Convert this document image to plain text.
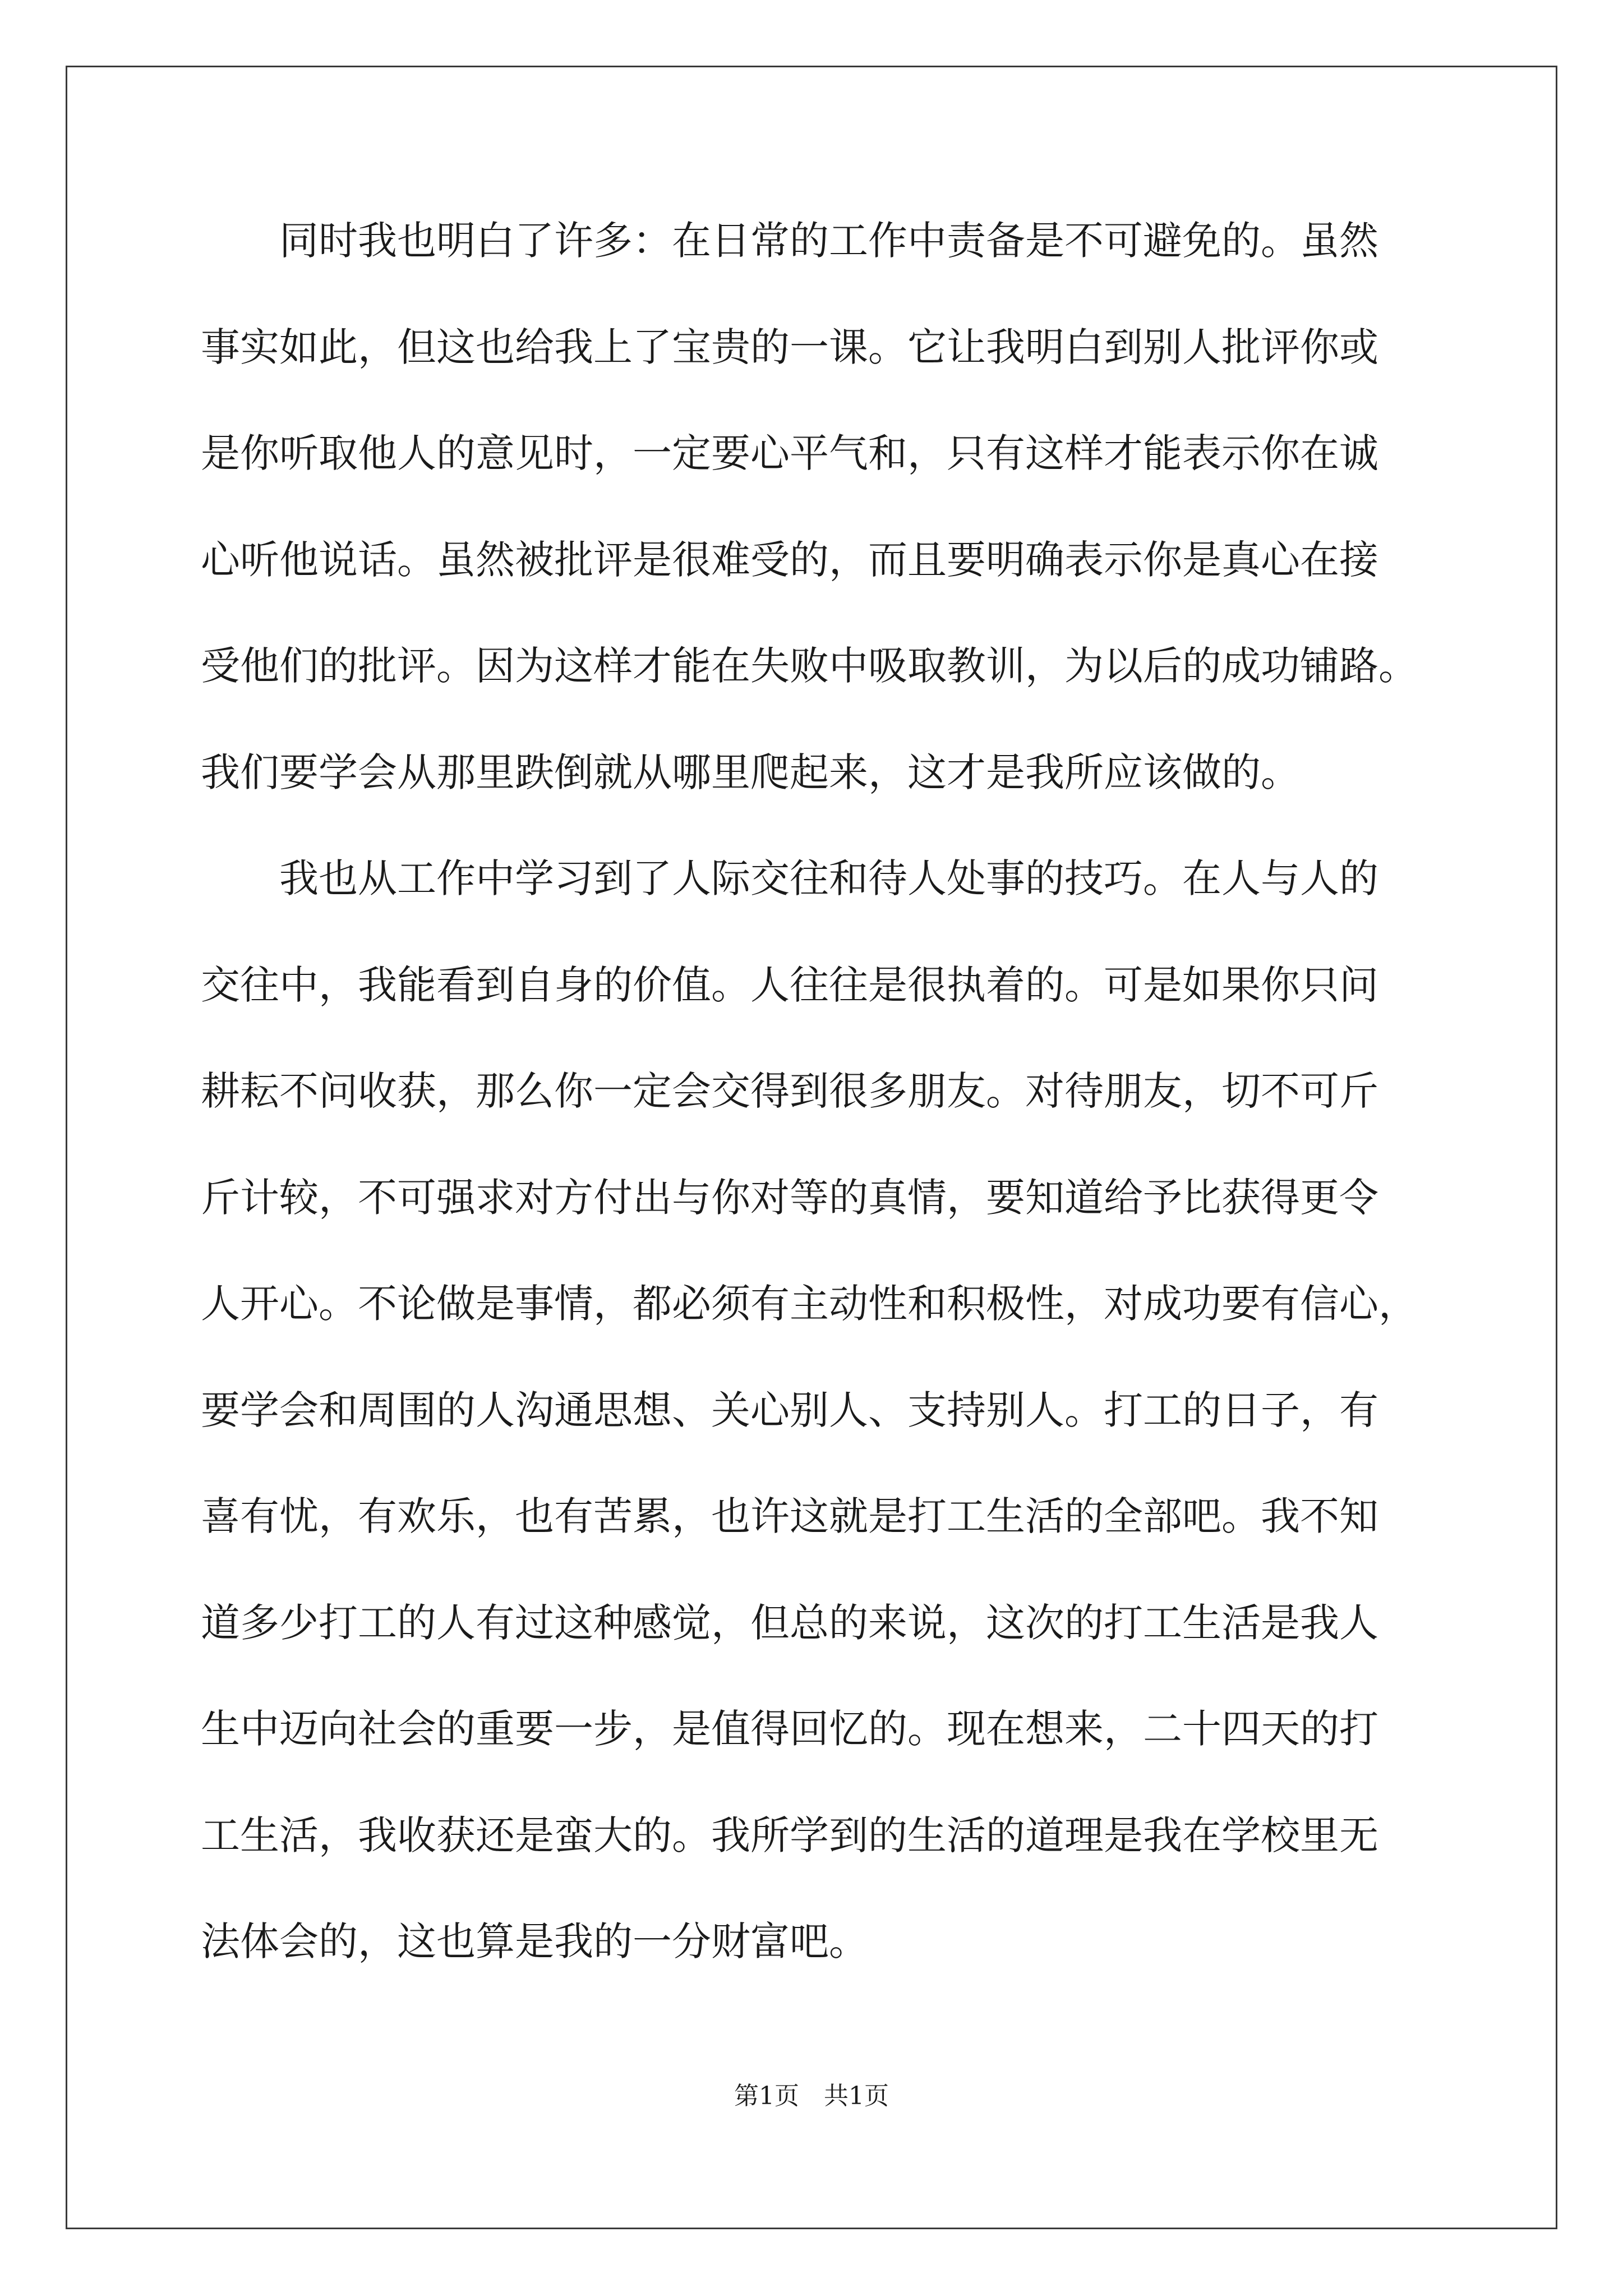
　　同时我也明白了许多：在日常的工作中责备是不可避免的。虽然
事实如此，但这也给我上了宝贵的一课。它让我明白到别人批评你或
是你听取他人的意见时，一定要心平气和，只有这样才能表示你在诚
心听他说话。虽然被批评是很难受的，而且要明确表示你是真心在接
受他们的批评。因为这样才能在失败中吸取教训，为以后的成功铺路。
我们要学会从那里跌倒就从哪里爬起来，这才是我所应该做的。
　　我也从工作中学习到了人际交往和待人处事的技巧。在人与人的
交往中，我能看到自身的价值。人往往是很执着的。可是如果你只问
耕耘不问收获，那么你一定会交得到很多朋友。对待朋友，切不可斤
斤计较，不可强求对方付出与你对等的真情，要知道给予比获得更令
人开心。不论做是事情，都必须有主动性和积极性，对成功要有信心，
要学会和周围的人沟通思想、关心别人、支持别人。打工的日子，有
喜有忧，有欢乐，也有苦累，也许这就是打工生活的全部吧。我不知
道多少打工的人有过这种感觉，但总的来说，这次的打工生活是我人
生中迈向社会的重要一步，是值得回忆的。现在想来，二十四天的打
工生活，我收获还是蛮大的。我所学到的生活的道理是我在学校里无
法体会的，这也算是我的一分财富吧。
第1页　共1页
